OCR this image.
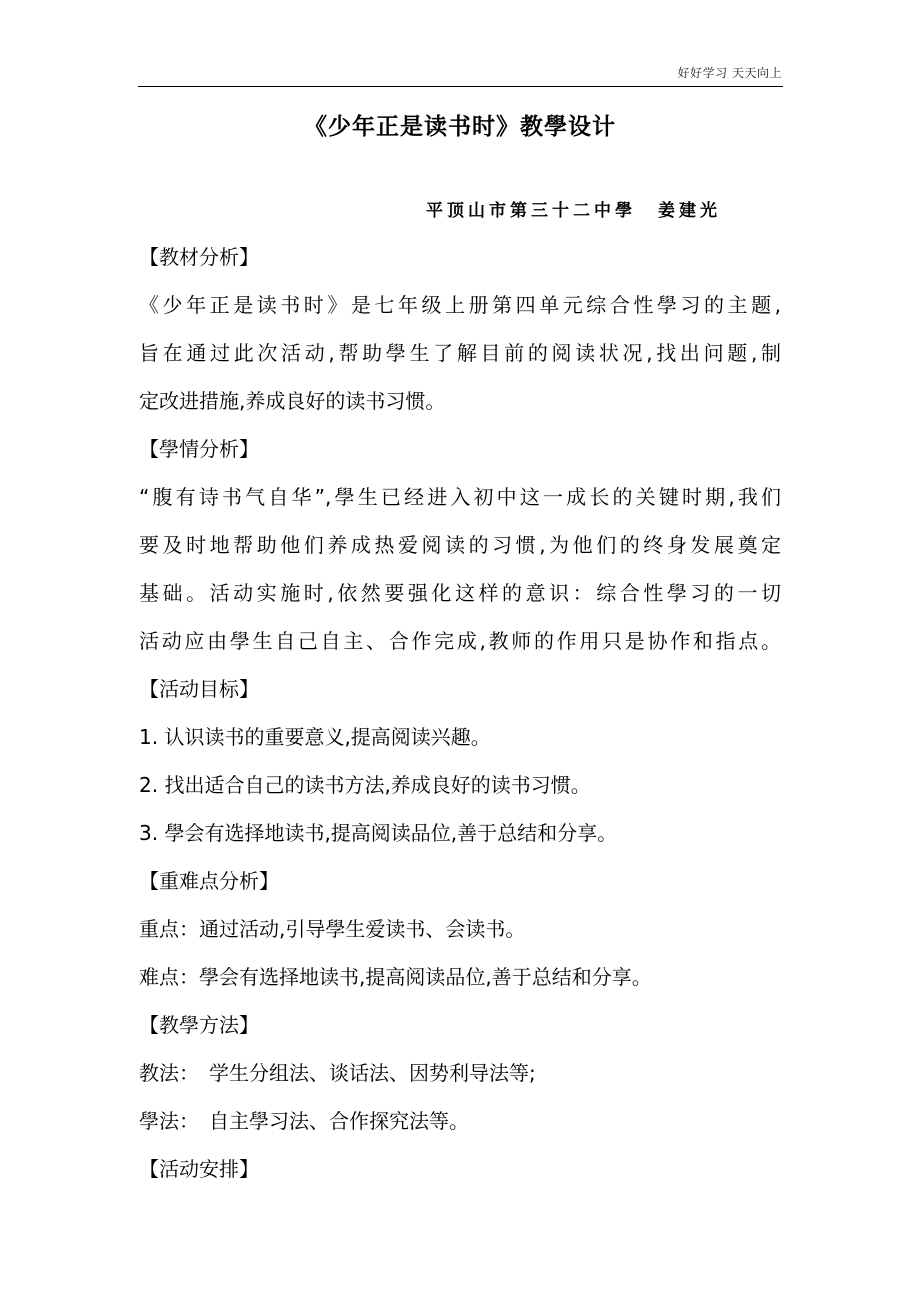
好好学习 天天向上
《少年正是读书时》教學设计
平顶山市第三十二中學 姜建光
【教材分析】
《少年正是读书时》是七年级上册第四单元综合性學习的主题,
旨在通过此次活动,帮助學生了解目前的阅读状况,找出问题,制
定改进措施,养成良好的读书习惯。
【學情分析】
“腹有诗书气自华”,學生已经进入初中这一成长的关键时期,我们
要及时地帮助他们养成热爱阅读的习惯,为他们的终身发展奠定
基础。活动实施时,依然要强化这样的意识：综合性學习的一切
活动应由學生自己自主、合作完成,教师的作用只是协作和指点。
【活动目标】
1. 认识读书的重要意义,提高阅读兴趣。
2. 找出适合自己的读书方法,养成良好的读书习惯。
3. 學会有选择地读书,提高阅读品位,善于总结和分享。
【重难点分析】
重点：通过活动,引导學生爱读书、会读书。
难点：學会有选择地读书,提高阅读品位,善于总结和分享。
【教學方法】
教法：　学生分组法、谈话法、因势利导法等;
學法：　自主學习法、合作探究法等。
【活动安排】
